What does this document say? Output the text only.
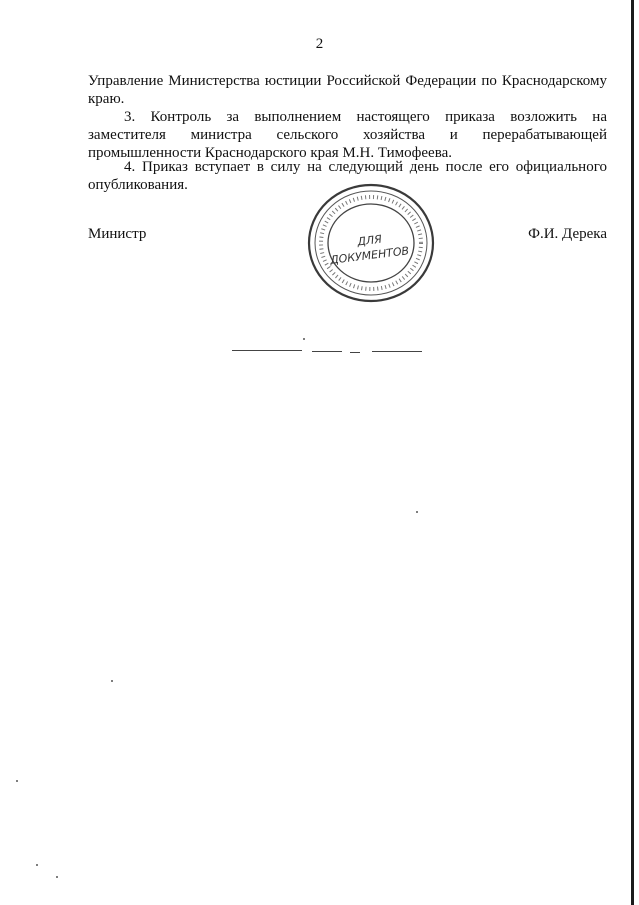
2
Управление Министерства юстиции Российской Федерации по Краснодарскому краю.
3. Контроль за выполнением настоящего приказа возложить на заместителя министра сельского хозяйства и перерабатывающей промышленности Краснодарского края М.Н. Тимофеева.
4. Приказ вступает в силу на следующий день после его официального опубликования.
Министр	Ф.И. Дерека
ДЛЯ
ДОКУМЕНТОВ
